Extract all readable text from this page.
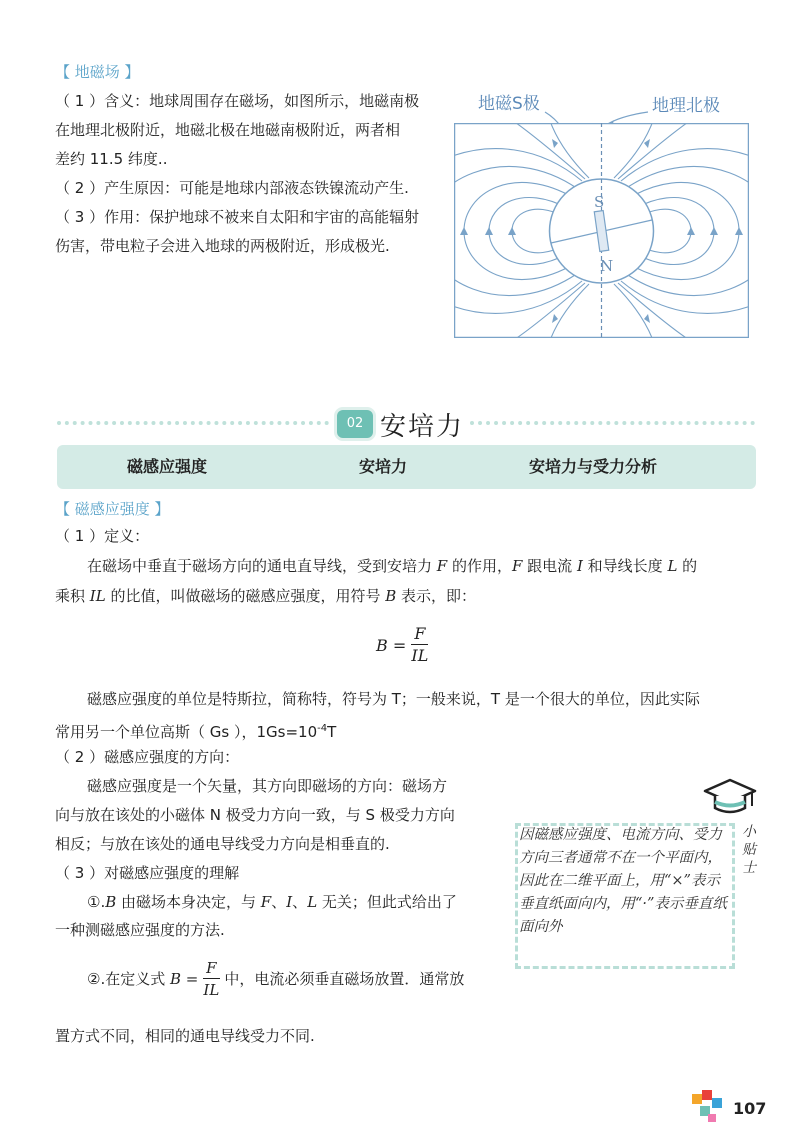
【 地磁场 】
（ 1 ）含义：地球周围存在磁场，如图所示，地磁南极
在地理北极附近，地磁北极在地磁南极附近，两者相
差约 11.5 纬度..
（ 2 ）产生原因：可能是地球内部液态铁镍流动产生.
（ 3 ）作用：保护地球不被来自太阳和宇宙的高能辐射
伤害，带电粒子会进入地球的两极附近，形成极光.
地磁S极	地理北极
S
N
02 安培力
磁感应强度	安培力	安培力与受力分析
【 磁感应强度 】
（ 1 ）定义：
在磁场中垂直于磁场方向的通电直导线，受到安培力 F 的作用，F 跟电流 I 和导线长度 L 的
乘积 IL 的比值，叫做磁场的磁感应强度，用符号 B 表示，即：
$B = \frac{F}{IL}$
磁感应强度的单位是特斯拉，简称特，符号为 T；一般来说，T 是一个很大的单位，因此实际
常用另一个单位高斯（ Gs ），$1Gs=10^{-4}T$
（ 2 ）磁感应强度的方向：
磁感应强度是一个矢量，其方向即磁场的方向：磁场方
向与放在该处的小磁体 N 极受力方向一致，与 S 极受力方向
相反；与放在该处的通电导线受力方向是相垂直的.
（ 3 ）对磁感应强度的理解
①.B 由磁场本身决定，与 F、I、L 无关；但此式给出了
一种测磁感应强度的方法.
②.在定义式 $B = \frac{F}{IL}$ 中，电流必须垂直磁场放置．通常放
置方式不同，相同的通电导线受力不同.
因磁感应强度、电流方向、受力方向三者通常不在一个平面内，因此在二维平面上，用“×”表示垂直纸面向内，用“·”表示垂直纸面向外
小贴士
107
